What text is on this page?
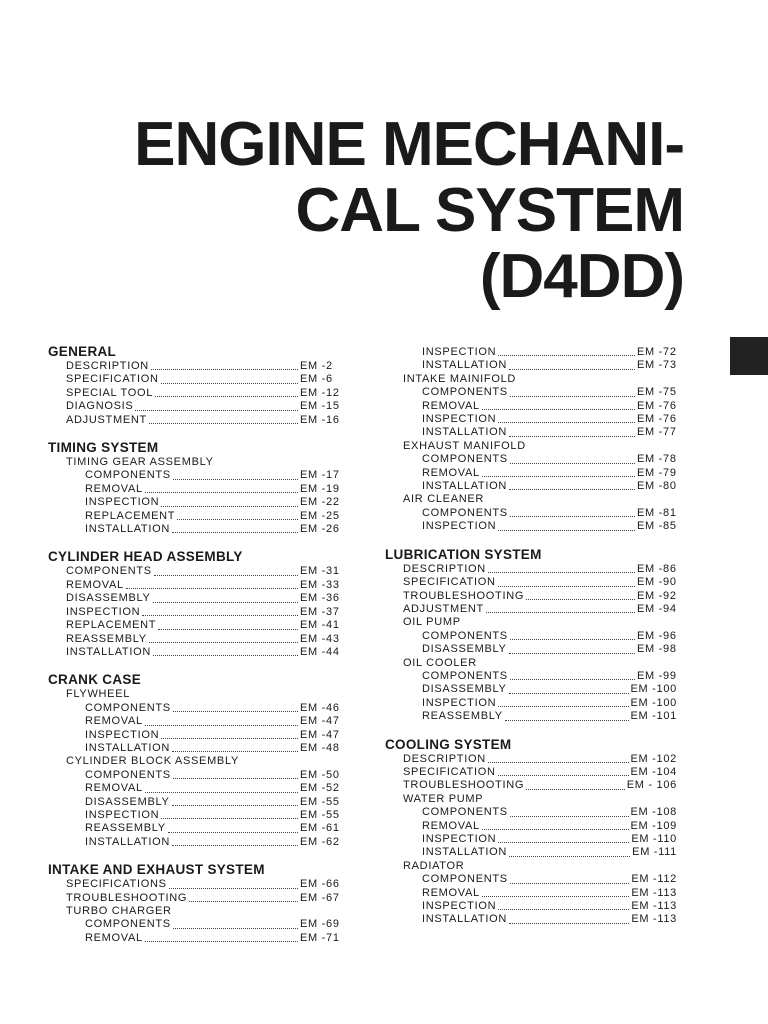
ENGINE MECHANI-
CAL SYSTEM
(D4DD)
GENERAL
DESCRIPTION	EM -2
SPECIFICATION	EM -6
SPECIAL TOOL	EM -12
DIAGNOSIS	EM -15
ADJUSTMENT	EM -16
TIMING SYSTEM
TIMING GEAR ASSEMBLY
COMPONENTS	EM -17
REMOVAL	EM -19
INSPECTION	EM -22
REPLACEMENT	EM -25
INSTALLATION	EM -26
CYLINDER HEAD ASSEMBLY
COMPONENTS	EM -31
REMOVAL	EM -33
DISASSEMBLY	EM -36
INSPECTION	EM -37
REPLACEMENT	EM -41
REASSEMBLY	EM -43
INSTALLATION	EM -44
CRANK CASE
FLYWHEEL
COMPONENTS	EM -46
REMOVAL	EM -47
INSPECTION	EM -47
INSTALLATION	EM -48
CYLINDER BLOCK ASSEMBLY
COMPONENTS	EM -50
REMOVAL	EM -52
DISASSEMBLY	EM -55
INSPECTION	EM -55
REASSEMBLY	EM -61
INSTALLATION	EM -62
INTAKE AND EXHAUST SYSTEM
SPECIFICATIONS	EM -66
TROUBLESHOOTING	EM -67
TURBO CHARGER
COMPONENTS	EM -69
REMOVAL	EM -71
INSPECTION	EM -72
INSTALLATION	EM -73
INTAKE MAINIFOLD
COMPONENTS	EM -75
REMOVAL	EM -76
INSPECTION	EM -76
INSTALLATION	EM -77
EXHAUST MANIFOLD
COMPONENTS	EM -78
REMOVAL	EM -79
INSTALLATION	EM -80
AIR CLEANER
COMPONENTS	EM -81
INSPECTION	EM -85
LUBRICATION SYSTEM
DESCRIPTION	EM -86
SPECIFICATION	EM -90
TROUBLESHOOTING	EM -92
ADJUSTMENT	EM -94
OIL PUMP
COMPONENTS	EM -96
DISASSEMBLY	EM -98
OIL COOLER
COMPONENTS	EM -99
DISASSEMBLY	EM -100
INSPECTION	EM -100
REASSEMBLY	EM -101
COOLING SYSTEM
DESCRIPTION	EM -102
SPECIFICATION	EM -104
TROUBLESHOOTING	EM - 106
WATER PUMP
COMPONENTS	EM -108
REMOVAL	EM -109
INSPECTION	EM -110
INSTALLATION	EM -111
RADIATOR
COMPONENTS	EM -112
REMOVAL	EM -113
INSPECTION	EM -113
INSTALLATION	EM -113
